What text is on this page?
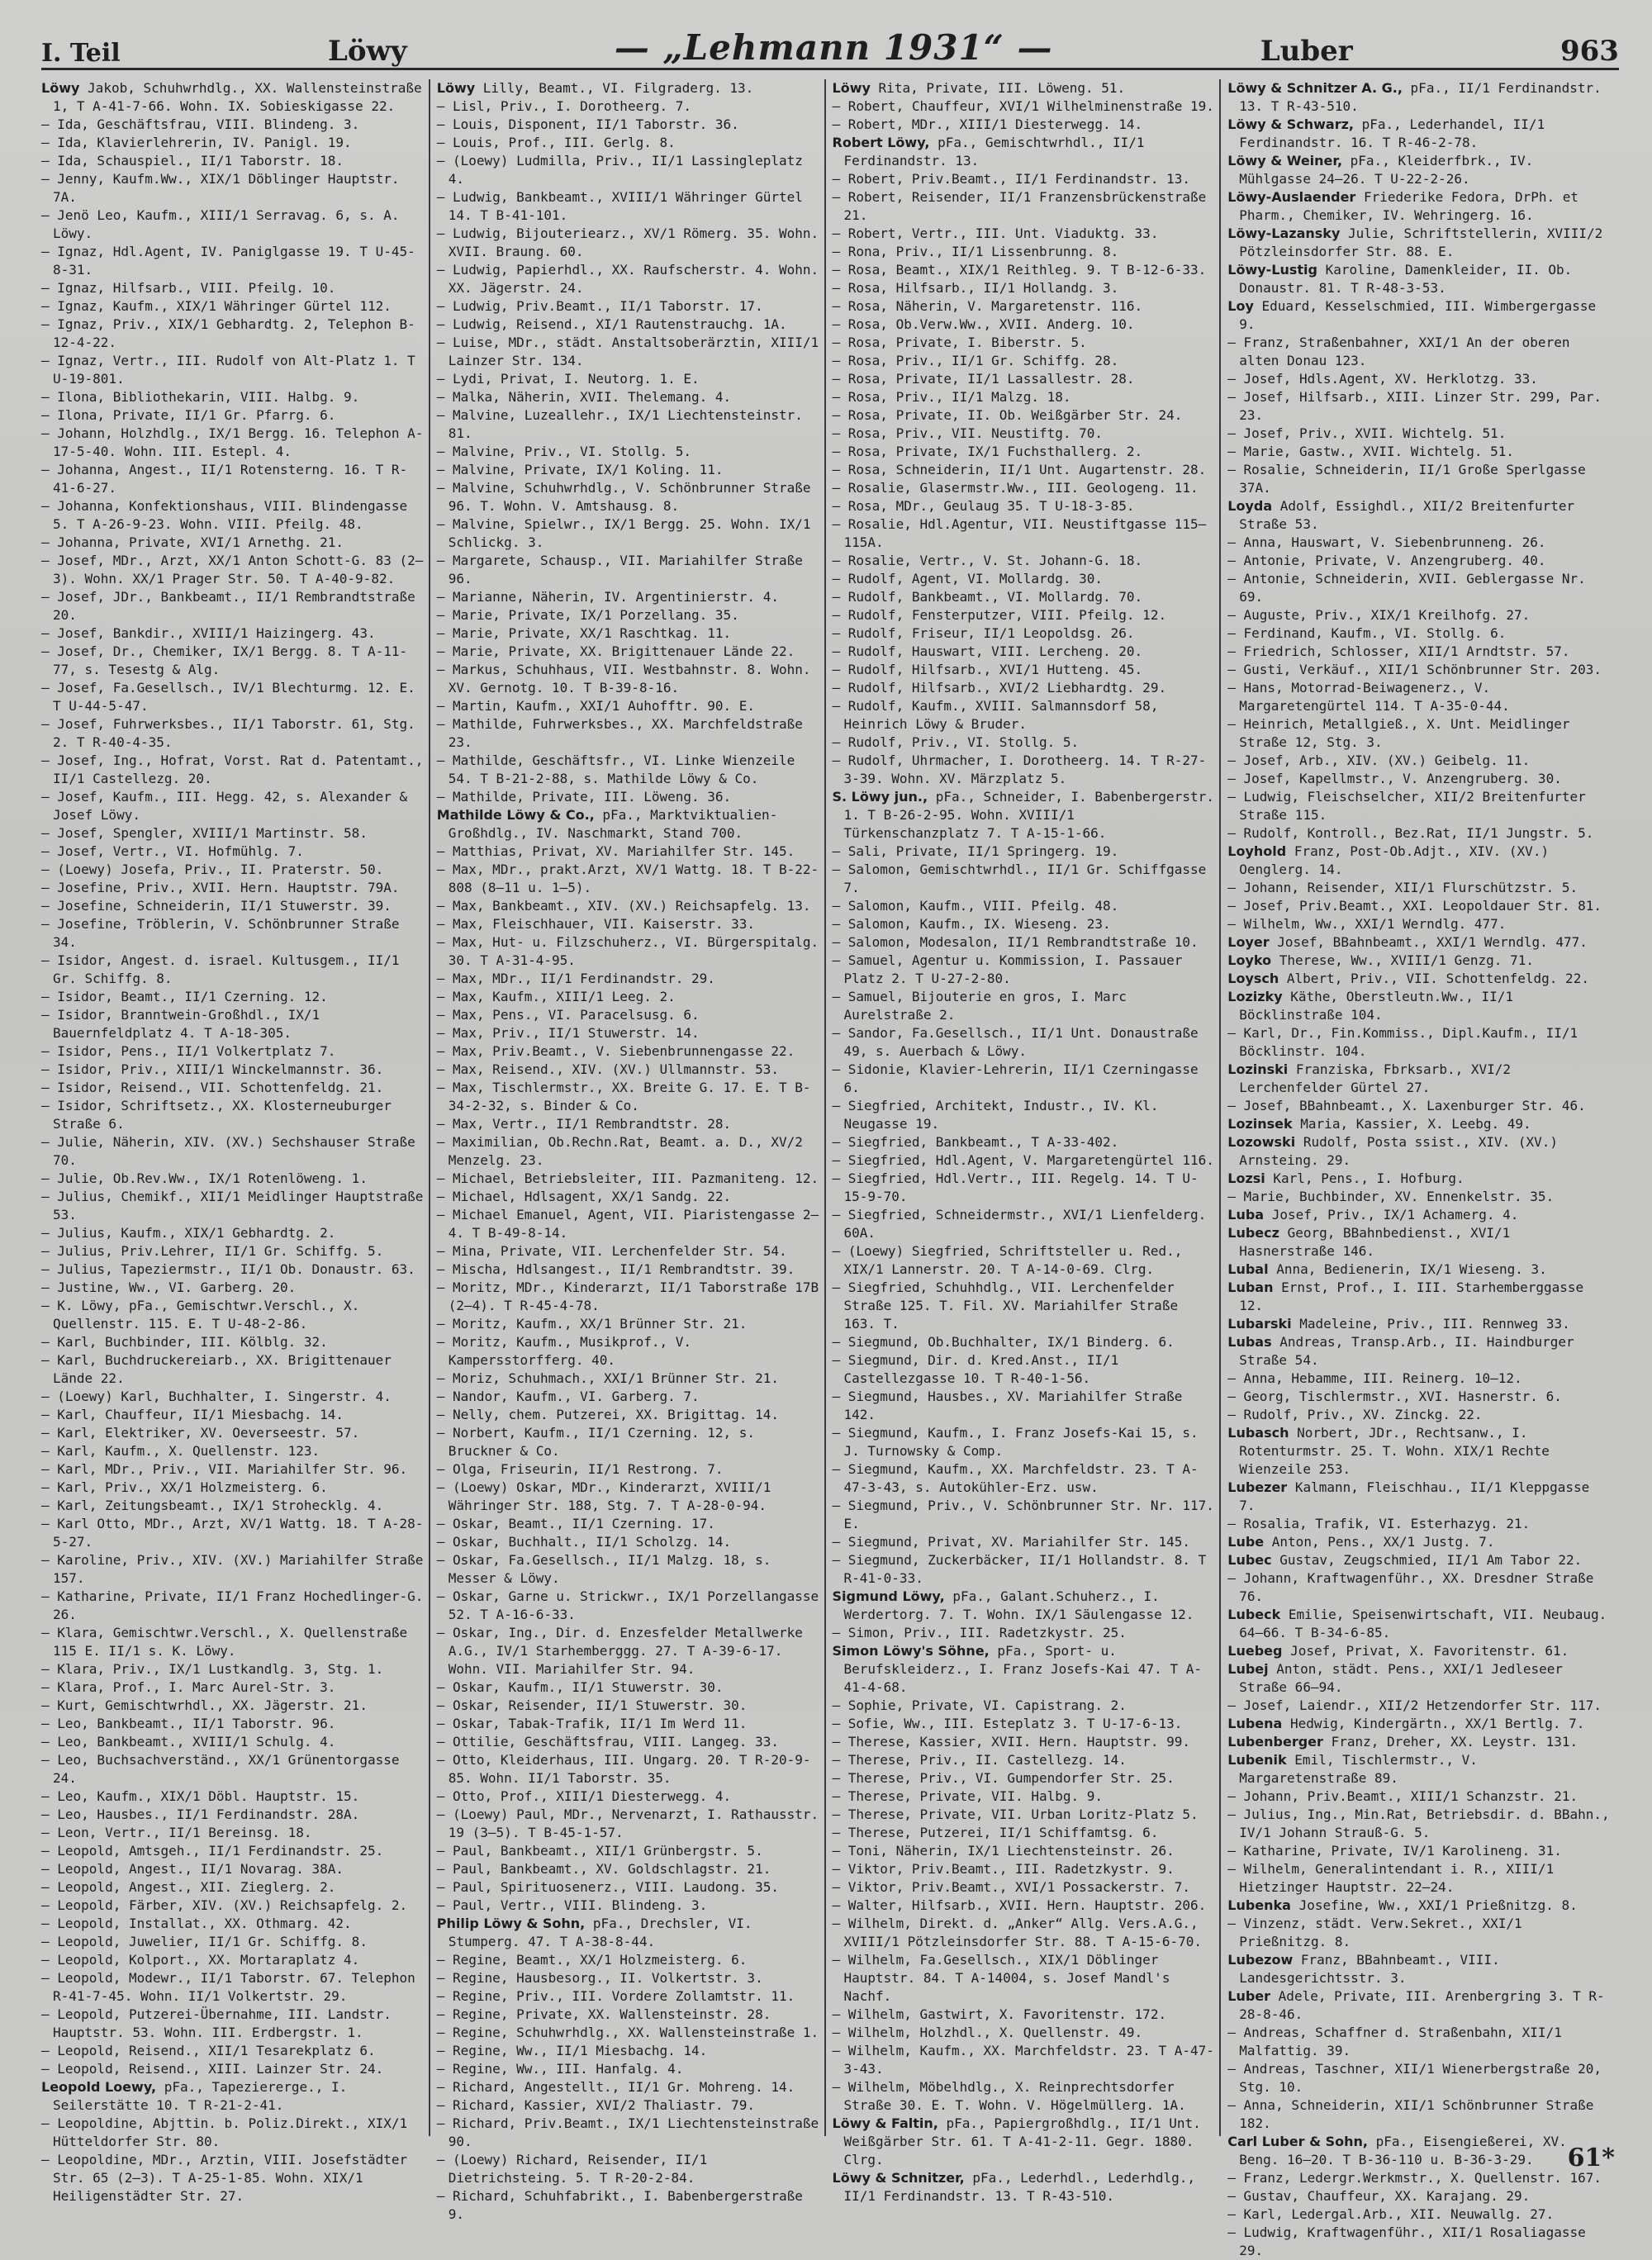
I. Teil	Löwy	— „Lehmann 1931“ —	Luber	963

Löwy Jakob, Schuhwrhdlg., XX. Wallensteinstraße 1, T A-41-7-66. Wohn. IX. Sobieskigasse 22.

— Ida, Geschäftsfrau, VIII. Blindeng. 3.

— Ida, Klavierlehrerin, IV. Panigl. 19.

— Ida, Schauspiel., II/1 Taborstr. 18.

— Jenny, Kaufm.Ww., XIX/1 Döblinger Hauptstr. 7A.

— Jenö Leo, Kaufm., XIII/1 Serravag. 6, s. A. Löwy.

— Ignaz, Hdl.Agent, IV. Paniglgasse 19. T U-45-8-31.

— Ignaz, Hilfsarb., VIII. Pfeilg. 10.

— Ignaz, Kaufm., XIX/1 Währinger Gürtel 112.

— Ignaz, Priv., XIX/1 Gebhardtg. 2, Telephon B-12-4-22.

— Ignaz, Vertr., III. Rudolf von Alt-Platz 1. T U-19-801.

— Ilona, Bibliothekarin, VIII. Halbg. 9.

— Ilona, Private, II/1 Gr. Pfarrg. 6.

— Johann, Holzhdlg., IX/1 Bergg. 16. Telephon A-17-5-40. Wohn. III. Estepl. 4.

— Johanna, Angest., II/1 Rotensterng. 16. T R-41-6-27.

— Johanna, Konfektionshaus, VIII. Blindengasse 5. T A-26-9-23. Wohn. VIII. Pfeilg. 48.

— Johanna, Private, XVI/1 Arnethg. 21.

— Josef, MDr., Arzt, XX/1 Anton Schott-G. 83 (2—3). Wohn. XX/1 Prager Str. 50. T A-40-9-82.

— Josef, JDr., Bankbeamt., II/1 Rembrandtstraße 20.

— Josef, Bankdir., XVIII/1 Haizingerg. 43.

— Josef, Dr., Chemiker, IX/1 Bergg. 8. T A-11-77, s. Tesestg & Alg.

— Josef, Fa.Gesellsch., IV/1 Blechturmg. 12. E. T U-44-5-47.

— Josef, Fuhrwerksbes., II/1 Taborstr. 61, Stg. 2. T R-40-4-35.

— Josef, Ing., Hofrat, Vorst. Rat d. Patentamt., II/1 Castellezg. 20.

— Josef, Kaufm., III. Hegg. 42, s. Alexander & Josef Löwy.

— Josef, Spengler, XVIII/1 Martinstr. 58.

— Josef, Vertr., VI. Hofmühlg. 7.

— (Loewy) Josefa, Priv., II. Praterstr. 50.

— Josefine, Priv., XVII. Hern. Hauptstr. 79A.

— Josefine, Schneiderin, II/1 Stuwerstr. 39.

— Josefine, Tröblerin, V. Schönbrunner Straße 34.

— Isidor, Angest. d. israel. Kultusgem., II/1 Gr. Schiffg. 8.

— Isidor, Beamt., II/1 Czerning. 12.

— Isidor, Branntwein-Großhdl., IX/1 Bauernfeldplatz 4. T A-18-305.

— Isidor, Pens., II/1 Volkertplatz 7.

— Isidor, Priv., XIII/1 Winckelmannstr. 36.

— Isidor, Reisend., VII. Schottenfeldg. 21.

— Isidor, Schriftsetz., XX. Klosterneuburger Straße 6.

— Julie, Näherin, XIV. (XV.) Sechshauser Straße 70.

— Julie, Ob.Rev.Ww., IX/1 Rotenlöweng. 1.

— Julius, Chemikf., XII/1 Meidlinger Hauptstraße 53.

— Julius, Kaufm., XIX/1 Gebhardtg. 2.

— Julius, Priv.Lehrer, II/1 Gr. Schiffg. 5.

— Julius, Tapeziermstr., II/1 Ob. Donaustr. 63.

— Justine, Ww., VI. Garberg. 20.

— K. Löwy, pFa., Gemischtwr.Verschl., X. Quellenstr. 115. E. T U-48-2-86.

— Karl, Buchbinder, III. Kölblg. 32.

— Karl, Buchdruckereiarb., XX. Brigittenauer Lände 22.

— (Loewy) Karl, Buchhalter, I. Singerstr. 4.

— Karl, Chauffeur, II/1 Miesbachg. 14.

— Karl, Elektriker, XV. Oeverseestr. 57.

— Karl, Kaufm., X. Quellenstr. 123.

— Karl, MDr., Priv., VII. Mariahilfer Str. 96.

— Karl, Priv., XX/1 Holzmeisterg. 6.

— Karl, Zeitungsbeamt., IX/1 Strohecklg. 4.

— Karl Otto, MDr., Arzt, XV/1 Wattg. 18. T A-28-5-27.

— Karoline, Priv., XIV. (XV.) Mariahilfer Straße 157.

— Katharine, Private, II/1 Franz Hochedlinger-G. 26.

— Klara, Gemischtwr.Verschl., X. Quellenstraße 115 E. II/1 s. K. Löwy.

— Klara, Priv., IX/1 Lustkandlg. 3, Stg. 1.

— Klara, Prof., I. Marc Aurel-Str. 3.

— Kurt, Gemischtwrhdl., XX. Jägerstr. 21.

— Leo, Bankbeamt., II/1 Taborstr. 96.

— Leo, Bankbeamt., XVIII/1 Schulg. 4.

— Leo, Buchsachverständ., XX/1 Grünentorgasse 24.

— Leo, Kaufm., XIX/1 Döbl. Hauptstr. 15.

— Leo, Hausbes., II/1 Ferdinandstr. 28A.

— Leon, Vertr., II/1 Bereinsg. 18.

— Leopold, Amtsgeh., II/1 Ferdinandstr. 25.

— Leopold, Angest., II/1 Novarag. 38A.

— Leopold, Angest., XII. Zieglerg. 2.

— Leopold, Färber, XIV. (XV.) Reichsapfelg. 2.

— Leopold, Installat., XX. Othmarg. 42.

— Leopold, Juwelier, II/1 Gr. Schiffg. 8.

— Leopold, Kolport., XX. Mortaraplatz 4.

— Leopold, Modewr., II/1 Taborstr. 67. Telephon R-41-7-45. Wohn. II/1 Volkertstr. 29.

— Leopold, Putzerei-Übernahme, III. Landstr. Hauptstr. 53. Wohn. III. Erdbergstr. 1.

— Leopold, Reisend., XII/1 Tesarekplatz 6.

— Leopold, Reisend., XIII. Lainzer Str. 24.

Leopold Loewy, pFa., Tapeziererge., I. Seilerstätte 10. T R-21-2-41.

— Leopoldine, Abjttin. b. Poliz.Direkt., XIX/1 Hütteldorfer Str. 80.

— Leopoldine, MDr., Arztin, VIII. Josefstädter Str. 65 (2—3). T A-25-1-85. Wohn. XIX/1 Heiligenstädter Str. 27.

Löwy Lilly, Beamt., VI. Filgraderg. 13.

— Lisl, Priv., I. Dorotheerg. 7.

— Louis, Disponent, II/1 Taborstr. 36.

— Louis, Prof., III. Gerlg. 8.

— (Loewy) Ludmilla, Priv., II/1 Lassingleplatz 4.

— Ludwig, Bankbeamt., XVIII/1 Währinger Gürtel 14. T B-41-101.

— Ludwig, Bijouteriearz., XV/1 Römerg. 35. Wohn. XVII. Braung. 60.

— Ludwig, Papierhdl., XX. Raufscherstr. 4. Wohn. XX. Jägerstr. 24.

— Ludwig, Priv.Beamt., II/1 Taborstr. 17.

— Ludwig, Reisend., XI/1 Rautenstrauchg. 1A.

— Luise, MDr., städt. Anstaltsoberärztin, XIII/1 Lainzer Str. 134.

— Lydi, Privat, I. Neutorg. 1. E.

— Malka, Näherin, XVII. Thelemang. 4.

— Malvine, Luzeallehr., IX/1 Liechtensteinstr. 81.

— Malvine, Priv., VI. Stollg. 5.

— Malvine, Private, IX/1 Koling. 11.

— Malvine, Schuhwrhdlg., V. Schönbrunner Straße 96. T. Wohn. V. Amtshausg. 8.

— Malvine, Spielwr., IX/1 Bergg. 25. Wohn. IX/1 Schlickg. 3.

— Margarete, Schausp., VII. Mariahilfer Straße 96.

— Marianne, Näherin, IV. Argentinierstr. 4.

— Marie, Private, IX/1 Porzellang. 35.

— Marie, Private, XX/1 Raschtkag. 11.

— Marie, Private, XX. Brigittenauer Lände 22.

— Markus, Schuhhaus, VII. Westbahnstr. 8. Wohn. XV. Gernotg. 10. T B-39-8-16.

— Martin, Kaufm., XXI/1 Auhofftr. 90. E.

— Mathilde, Fuhrwerksbes., XX. Marchfeldstraße 23.

— Mathilde, Geschäftsfr., VI. Linke Wienzeile 54. T B-21-2-88, s. Mathilde Löwy & Co.

— Mathilde, Private, III. Löweng. 36.

Mathilde Löwy & Co., pFa., Marktviktualien-Großhdlg., IV. Naschmarkt, Stand 700.

— Matthias, Privat, XV. Mariahilfer Str. 145.

— Max, MDr., prakt.Arzt, XV/1 Wattg. 18. T B-22-808 (8—11 u. 1—5).

— Max, Bankbeamt., XIV. (XV.) Reichsapfelg. 13.

— Max, Fleischhauer, VII. Kaiserstr. 33.

— Max, Hut- u. Filzschuherz., VI. Bürgerspitalg. 30. T A-31-4-95.

— Max, MDr., II/1 Ferdinandstr. 29.

— Max, Kaufm., XIII/1 Leeg. 2.

— Max, Pens., VI. Paracelsusg. 6.

— Max, Priv., II/1 Stuwerstr. 14.

— Max, Priv.Beamt., V. Siebenbrunnengasse 22.

— Max, Reisend., XIV. (XV.) Ullmannstr. 53.

— Max, Tischlermstr., XX. Breite G. 17. E. T B-34-2-32, s. Binder & Co.

— Max, Vertr., II/1 Rembrandtstr. 28.

— Maximilian, Ob.Rechn.Rat, Beamt. a. D., XV/2 Menzelg. 23.

— Michael, Betriebsleiter, III. Pazmaniteng. 12.

— Michael, Hdlsagent, XX/1 Sandg. 22.

— Michael Emanuel, Agent, VII. Piaristengasse 2—4. T B-49-8-14.

— Mina, Private, VII. Lerchenfelder Str. 54.

— Mischa, Hdlsangest., II/1 Rembrandtstr. 39.

— Moritz, MDr., Kinderarzt, II/1 Taborstraße 17B (2—4). T R-45-4-78.

— Moritz, Kaufm., XX/1 Brünner Str. 21.

— Moritz, Kaufm., Musikprof., V. Kampersstorfferg. 40.

— Moriz, Schuhmach., XXI/1 Brünner Str. 21.

— Nandor, Kaufm., VI. Garberg. 7.

— Nelly, chem. Putzerei, XX. Brigittag. 14.

— Norbert, Kaufm., II/1 Czerning. 12, s. Bruckner & Co.

— Olga, Friseurin, II/1 Restrong. 7.

— (Loewy) Oskar, MDr., Kinderarzt, XVIII/1 Währinger Str. 188, Stg. 7. T A-28-0-94.

— Oskar, Beamt., II/1 Czerning. 17.

— Oskar, Buchhalt., II/1 Scholzg. 14.

— Oskar, Fa.Gesellsch., II/1 Malzg. 18, s. Messer & Löwy.

— Oskar, Garne u. Strickwr., IX/1 Porzellangasse 52. T A-16-6-33.

— Oskar, Ing., Dir. d. Enzesfelder Metallwerke A.G., IV/1 Starhemberggg. 27. T A-39-6-17. Wohn. VII. Mariahilfer Str. 94.

— Oskar, Kaufm., II/1 Stuwerstr. 30.

— Oskar, Reisender, II/1 Stuwerstr. 30.

— Oskar, Tabak-Trafik, II/1 Im Werd 11.

— Ottilie, Geschäftsfrau, VIII. Langeg. 33.

— Otto, Kleiderhaus, III. Ungarg. 20. T R-20-9-85. Wohn. II/1 Taborstr. 35.

— Otto, Prof., XIII/1 Diesterwegg. 4.

— (Loewy) Paul, MDr., Nervenarzt, I. Rathausstr. 19 (3—5). T B-45-1-57.

— Paul, Bankbeamt., XII/1 Grünbergstr. 5.

— Paul, Bankbeamt., XV. Goldschlagstr. 21.

— Paul, Spirituosenerz., VIII. Laudong. 35.

— Paul, Vertr., VIII. Blindeng. 3.

Philip Löwy & Sohn, pFa., Drechsler, VI. Stumperg. 47. T A-38-8-44.

— Regine, Beamt., XX/1 Holzmeisterg. 6.

— Regine, Hausbesorg., II. Volkertstr. 3.

— Regine, Priv., III. Vordere Zollamtstr. 11.

— Regine, Private, XX. Wallensteinstr. 28.

— Regine, Schuhwrhdlg., XX. Wallensteinstraße 1.

— Regine, Ww., II/1 Miesbachg. 14.

— Regine, Ww., III. Hanfalg. 4.

— Richard, Angestellt., II/1 Gr. Mohreng. 14.

— Richard, Kassier, XVI/2 Thaliastr. 79.

— Richard, Priv.Beamt., IX/1 Liechtensteinstraße 90.

— (Loewy) Richard, Reisender, II/1 Dietrichsteing. 5. T R-20-2-84.

— Richard, Schuhfabrikt., I. Babenbergerstraße 9.

Löwy Rita, Private, III. Löweng. 51.

— Robert, Chauffeur, XVI/1 Wilhelminenstraße 19.

— Robert, MDr., XIII/1 Diesterwegg. 14.

Robert Löwy, pFa., Gemischtwrhdl., II/1 Ferdinandstr. 13.

— Robert, Priv.Beamt., II/1 Ferdinandstr. 13.

— Robert, Reisender, II/1 Franzensbrückenstraße 21.

— Robert, Vertr., III. Unt. Viaduktg. 33.

— Rona, Priv., II/1 Lissenbrunng. 8.

— Rosa, Beamt., XIX/1 Reithleg. 9. T B-12-6-33.

— Rosa, Hilfsarb., II/1 Hollandg. 3.

— Rosa, Näherin, V. Margaretenstr. 116.

— Rosa, Ob.Verw.Ww., XVII. Anderg. 10.

— Rosa, Private, I. Biberstr. 5.

— Rosa, Priv., II/1 Gr. Schiffg. 28.

— Rosa, Private, II/1 Lassallestr. 28.

— Rosa, Priv., II/1 Malzg. 18.

— Rosa, Private, II. Ob. Weißgärber Str. 24.

— Rosa, Priv., VII. Neustiftg. 70.

— Rosa, Private, IX/1 Fuchsthallerg. 2.

— Rosa, Schneiderin, II/1 Unt. Augartenstr. 28.

— Rosalie, Glasermstr.Ww., III. Geologeng. 11.

— Rosa, MDr., Geulaug 35. T U-18-3-85.

— Rosalie, Hdl.Agentur, VII. Neustiftgasse 115—115A.

— Rosalie, Vertr., V. St. Johann-G. 18.

— Rudolf, Agent, VI. Mollardg. 30.

— Rudolf, Bankbeamt., VI. Mollardg. 70.

— Rudolf, Fensterputzer, VIII. Pfeilg. 12.

— Rudolf, Friseur, II/1 Leopoldsg. 26.

— Rudolf, Hauswart, VIII. Lercheng. 20.

— Rudolf, Hilfsarb., XVI/1 Hutteng. 45.

— Rudolf, Hilfsarb., XVI/2 Liebhardtg. 29.

— Rudolf, Kaufm., XVIII. Salmannsdorf 58, Heinrich Löwy & Bruder.

— Rudolf, Priv., VI. Stollg. 5.

— Rudolf, Uhrmacher, I. Dorotheerg. 14. T R-27-3-39. Wohn. XV. Märzplatz 5.

S. Löwy jun., pFa., Schneider, I. Babenbergerstr. 1. T B-26-2-95. Wohn. XVIII/1 Türkenschanzplatz 7. T A-15-1-66.

— Sali, Private, II/1 Springerg. 19.

— Salomon, Gemischtwrhdl., II/1 Gr. Schiffgasse 7.

— Salomon, Kaufm., VIII. Pfeilg. 48.

— Salomon, Kaufm., IX. Wieseng. 23.

— Salomon, Modesalon, II/1 Rembrandtstraße 10.

— Samuel, Agentur u. Kommission, I. Passauer Platz 2. T U-27-2-80.

— Samuel, Bijouterie en gros, I. Marc Aurelstraße 2.

— Sandor, Fa.Gesellsch., II/1 Unt. Donaustraße 49, s. Auerbach & Löwy.

— Sidonie, Klavier-Lehrerin, II/1 Czerningasse 6.

— Siegfried, Architekt, Industr., IV. Kl. Neugasse 19.

— Siegfried, Bankbeamt., T A-33-402.

— Siegfried, Hdl.Agent, V. Margaretengürtel 116.

— Siegfried, Hdl.Vertr., III. Regelg. 14. T U-15-9-70.

— Siegfried, Schneidermstr., XVI/1 Lienfelderg. 60A.

— (Loewy) Siegfried, Schriftsteller u. Red., XIX/1 Lannerstr. 20. T A-14-0-69. Clrg.

— Siegfried, Schuhhdlg., VII. Lerchenfelder Straße 125. T. Fil. XV. Mariahilfer Straße 163. T.

— Siegmund, Ob.Buchhalter, IX/1 Binderg. 6.

— Siegmund, Dir. d. Kred.Anst., II/1 Castellezgasse 10. T R-40-1-56.

— Siegmund, Hausbes., XV. Mariahilfer Straße 142.

— Siegmund, Kaufm., I. Franz Josefs-Kai 15, s. J. Turnowsky & Comp.

— Siegmund, Kaufm., XX. Marchfeldstr. 23. T A-47-3-43, s. Autokühler-Erz. usw.

— Siegmund, Priv., V. Schönbrunner Str. Nr. 117. E.

— Siegmund, Privat, XV. Mariahilfer Str. 145.

— Siegmund, Zuckerbäcker, II/1 Hollandstr. 8. T R-41-0-33.

Sigmund Löwy, pFa., Galant.Schuherz., I. Werdertorg. 7. T. Wohn. IX/1 Säulengasse 12.

— Simon, Priv., III. Radetzkystr. 25.

Simon Löwy's Söhne, pFa., Sport- u. Berufskleiderz., I. Franz Josefs-Kai 47. T A-41-4-68.

— Sophie, Private, VI. Capistrang. 2.

— Sofie, Ww., III. Esteplatz 3. T U-17-6-13.

— Therese, Kassier, XVII. Hern. Hauptstr. 99.

— Therese, Priv., II. Castellezg. 14.

— Therese, Priv., VI. Gumpendorfer Str. 25.

— Therese, Private, VII. Halbg. 9.

— Therese, Private, VII. Urban Loritz-Platz 5.

— Therese, Putzerei, II/1 Schiffamtsg. 6.

— Toni, Näherin, IX/1 Liechtensteinstr. 26.

— Viktor, Priv.Beamt., III. Radetzkystr. 9.

— Viktor, Priv.Beamt., XVI/1 Possackerstr. 7.

— Walter, Hilfsarb., XVII. Hern. Hauptstr. 206.

— Wilhelm, Direkt. d. „Anker“ Allg. Vers.A.G., XVIII/1 Pötzleinsdorfer Str. 88. T A-15-6-70.

— Wilhelm, Fa.Gesellsch., XIX/1 Döblinger Hauptstr. 84. T A-14004, s. Josef Mandl's Nachf.

— Wilhelm, Gastwirt, X. Favoritenstr. 172.

— Wilhelm, Holzhdl., X. Quellenstr. 49.

— Wilhelm, Kaufm., XX. Marchfeldstr. 23. T A-47-3-43.

— Wilhelm, Möbelhdlg., X. Reinprechtsdorfer Straße 30. E. T. Wohn. V. Högelmüllerg. 1A.

Löwy & Faltin, pFa., Papiergroßhdlg., II/1 Unt. Weißgärber Str. 61. T A-41-2-11. Gegr. 1880. Clrg.

Löwy & Schnitzer, pFa., Lederhdl., Lederhdlg., II/1 Ferdinandstr. 13. T R-43-510.

Löwy & Schnitzer A. G., pFa., II/1 Ferdinandstr. 13. T R-43-510.

Löwy & Schwarz, pFa., Lederhandel, II/1 Ferdinandstr. 16. T R-46-2-78.

Löwy & Weiner, pFa., Kleiderfbrk., IV. Mühlgasse 24—26. T U-22-2-26.

Löwy-Auslaender Friederike Fedora, DrPh. et Pharm., Chemiker, IV. Wehringerg. 16.

Löwy-Lazansky Julie, Schriftstellerin, XVIII/2 Pötzleinsdorfer Str. 88. E.

Löwy-Lustig Karoline, Damenkleider, II. Ob. Donaustr. 81. T R-48-3-53.

Loy Eduard, Kesselschmied, III. Wimbergergasse 9.

— Franz, Straßenbahner, XXI/1 An der oberen alten Donau 123.

— Josef, Hdls.Agent, XV. Herklotzg. 33.

— Josef, Hilfsarb., XIII. Linzer Str. 299, Par. 23.

— Josef, Priv., XVII. Wichtelg. 51.

— Marie, Gastw., XVII. Wichtelg. 51.

— Rosalie, Schneiderin, II/1 Große Sperlgasse 37A.

Loyda Adolf, Essighdl., XII/2 Breitenfurter Straße 53.

— Anna, Hauswart, V. Siebenbrunneng. 26.

— Antonie, Private, V. Anzengruberg. 40.

— Antonie, Schneiderin, XVII. Geblergasse Nr. 69.

— Auguste, Priv., XIX/1 Kreilhofg. 27.

— Ferdinand, Kaufm., VI. Stollg. 6.

— Friedrich, Schlosser, XII/1 Arndtstr. 57.

— Gusti, Verkäuf., XII/1 Schönbrunner Str. 203.

— Hans, Motorrad-Beiwagenerz., V. Margaretengürtel 114. T A-35-0-44.

— Heinrich, Metallgieß., X. Unt. Meidlinger Straße 12, Stg. 3.

— Josef, Arb., XIV. (XV.) Geibelg. 11.

— Josef, Kapellmstr., V. Anzengruberg. 30.

— Ludwig, Fleischselcher, XII/2 Breitenfurter Straße 115.

— Rudolf, Kontroll., Bez.Rat, II/1 Jungstr. 5.

Loyhold Franz, Post-Ob.Adjt., XIV. (XV.) Oenglerg. 14.

— Johann, Reisender, XII/1 Flurschützstr. 5.

— Josef, Priv.Beamt., XXI. Leopoldauer Str. 81.

— Wilhelm, Ww., XXI/1 Werndlg. 477.

Loyer Josef, BBahnbeamt., XXI/1 Werndlg. 477.

Loyko Therese, Ww., XVIII/1 Genzg. 71.

Loysch Albert, Priv., VII. Schottenfeldg. 22.

Lozizky Käthe, Oberstleutn.Ww., II/1 Böcklinstraße 104.

— Karl, Dr., Fin.Kommiss., Dipl.Kaufm., II/1 Böcklinstr. 104.

Lozinski Franziska, Fbrksarb., XVI/2 Lerchenfelder Gürtel 27.

— Josef, BBahnbeamt., X. Laxenburger Str. 46.

Lozinsek Maria, Kassier, X. Leebg. 49.

Lozowski Rudolf, Posta ssist., XIV. (XV.) Arnsteing. 29.

Lozsi Karl, Pens., I. Hofburg.

— Marie, Buchbinder, XV. Ennenkelstr. 35.

Luba Josef, Priv., IX/1 Achamerg. 4.

Lubecz Georg, BBahnbedienst., XVI/1 Hasnerstraße 146.

Lubal Anna, Bedienerin, IX/1 Wieseng. 3.

Luban Ernst, Prof., I. III. Starhemberggasse 12.

Lubarski Madeleine, Priv., III. Rennweg 33.

Lubas Andreas, Transp.Arb., II. Haindburger Straße 54.

— Anna, Hebamme, III. Reinerg. 10—12.

— Georg, Tischlermstr., XVI. Hasnerstr. 6.

— Rudolf, Priv., XV. Zinckg. 22.

Lubasch Norbert, JDr., Rechtsanw., I. Rotenturmstr. 25. T. Wohn. XIX/1 Rechte Wienzeile 253.

Lubezer Kalmann, Fleischhau., II/1 Kleppgasse 7.

— Rosalia, Trafik, VI. Esterhazyg. 21.

Lube Anton, Pens., XX/1 Justg. 7.

Lubec Gustav, Zeugschmied, II/1 Am Tabor 22.

— Johann, Kraftwagenführ., XX. Dresdner Straße 76.

Lubeck Emilie, Speisenwirtschaft, VII. Neubaug. 64—66. T B-34-6-85.

Luebeg Josef, Privat, X. Favoritenstr. 61.

Lubej Anton, städt. Pens., XXI/1 Jedleseer Straße 66—94.

— Josef, Laiendr., XII/2 Hetzendorfer Str. 117.

Lubena Hedwig, Kindergärtn., XX/1 Bertlg. 7.

Lubenberger Franz, Dreher, XX. Leystr. 131.

Lubenik Emil, Tischlermstr., V. Margaretenstraße 89.

— Johann, Priv.Beamt., XIII/1 Schanzstr. 21.

— Julius, Ing., Min.Rat, Betriebsdir. d. BBahn., IV/1 Johann Strauß-G. 5.

— Katharine, Private, IV/1 Karolineng. 31.

— Wilhelm, Generalintendant i. R., XIII/1 Hietzinger Hauptstr. 22—24.

Lubenka Josefine, Ww., XXI/1 Prießnitzg. 8.

— Vinzenz, städt. Verw.Sekret., XXI/1 Prießnitzg. 8.

Lubezow Franz, BBahnbeamt., VIII. Landesgerichtsstr. 3.

Luber Adele, Private, III. Arenbergring 3. T R-28-8-46.

— Andreas, Schaffner d. Straßenbahn, XII/1 Malfattig. 39.

— Andreas, Taschner, XII/1 Wienerbergstraße 20, Stg. 10.

— Anna, Schneiderin, XII/1 Schönbrunner Straße 182.

Carl Luber & Sohn, pFa., Eisengießerei, XV. Beng. 16—20. T B-36-110 u. B-36-3-29.

— Franz, Ledergr.Werkmstr., X. Quellenstr. 167.

— Gustav, Chauffeur, XX. Karajang. 29.

— Karl, Ledergal.Arb., XII. Neuwallg. 27.

— Ludwig, Kraftwagenführ., XII/1 Rosaliagasse 29.

61*
